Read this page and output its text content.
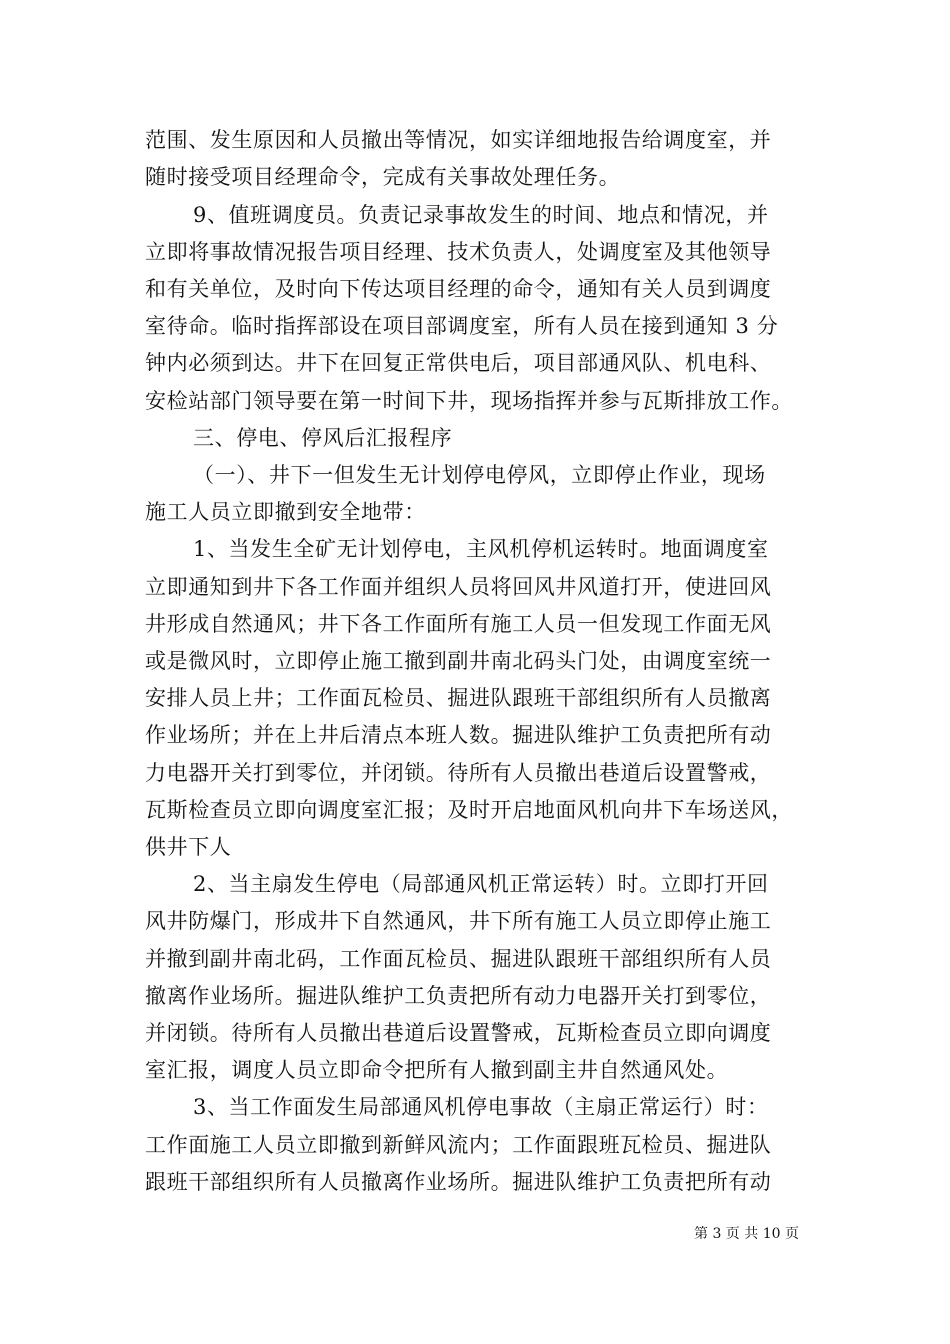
范围、发生原因和人员撤出等情况，如实详细地报告给调度室，并
随时接受项目经理命令，完成有关事故处理任务。
9、值班调度员。负责记录事故发生的时间、地点和情况，并
立即将事故情况报告项目经理、技术负责人，处调度室及其他领导
和有关单位，及时向下传达项目经理的命令，通知有关人员到调度
室待命。临时指挥部设在项目部调度室，所有人员在接到通知 3 分
钟内必须到达。井下在回复正常供电后，项目部通风队、机电科、
安检站部门领导要在第一时间下井，现场指挥并参与瓦斯排放工作。
三、停电、停风后汇报程序
（一）、井下一但发生无计划停电停风，立即停止作业，现场
施工人员立即撤到安全地带：
1、当发生全矿无计划停电，主风机停机运转时。地面调度室
立即通知到井下各工作面并组织人员将回风井风道打开，使进回风
井形成自然通风；井下各工作面所有施工人员一但发现工作面无风
或是微风时，立即停止施工撤到副井南北码头门处，由调度室统一
安排人员上井；工作面瓦检员、掘进队跟班干部组织所有人员撤离
作业场所；并在上井后清点本班人数。掘进队维护工负责把所有动
力电器开关打到零位，并闭锁。待所有人员撤出巷道后设置警戒，
瓦斯检查员立即向调度室汇报；及时开启地面风机向井下车场送风，
供井下人
2、当主扇发生停电（局部通风机正常运转）时。立即打开回
风井防爆门，形成井下自然通风，井下所有施工人员立即停止施工
并撤到副井南北码，工作面瓦检员、掘进队跟班干部组织所有人员
撤离作业场所。掘进队维护工负责把所有动力电器开关打到零位，
并闭锁。待所有人员撤出巷道后设置警戒，瓦斯检查员立即向调度
室汇报，调度人员立即命令把所有人撤到副主井自然通风处。
3、当工作面发生局部通风机停电事故（主扇正常运行）时：
工作面施工人员立即撤到新鲜风流内；工作面跟班瓦检员、掘进队
跟班干部组织所有人员撤离作业场所。掘进队维护工负责把所有动
第 3 页 共 10 页
